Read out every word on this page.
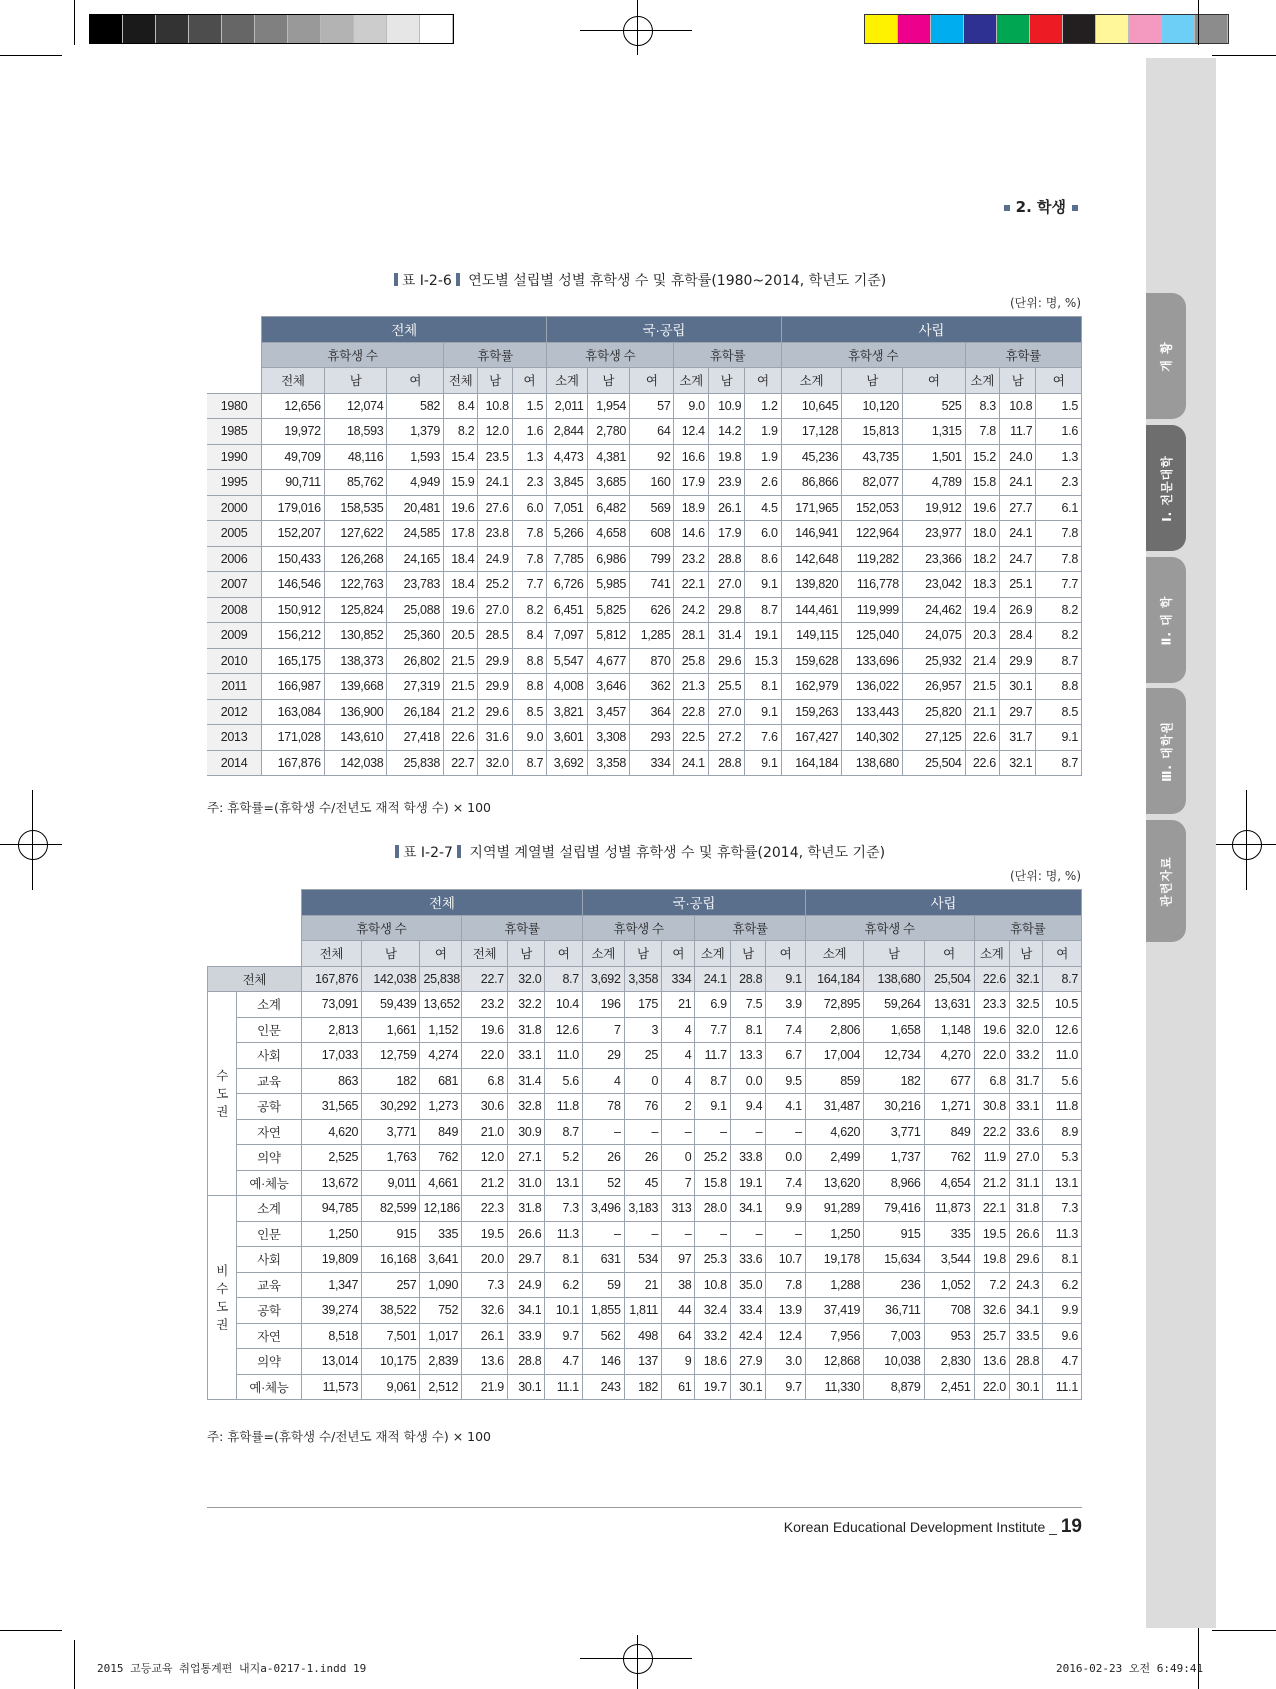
개 황
Ⅰ. 전문대학
Ⅱ. 대 학
Ⅲ. 대학원
관련자료
2. 학생
표 Ⅰ-2-6 연도별 설립별 성별 휴학생 수 및 휴학률(1980~2014, 학년도 기준)
(단위: 명, %)
	전체						국·공립						사립					
	휴학생 수			휴학률			휴학생 수			휴학률			휴학생 수			휴학률		
	전체	남	여	전체	남	여	소계	남	여	소계	남	여	소계	남	여	소계	남	여
1980	12,656	12,074	582	8.4	10.8	1.5	2,011	1,954	57	9.0	10.9	1.2	10,645	10,120	525	8.3	10.8	1.5
1985	19,972	18,593	1,379	8.2	12.0	1.6	2,844	2,780	64	12.4	14.2	1.9	17,128	15,813	1,315	7.8	11.7	1.6
1990	49,709	48,116	1,593	15.4	23.5	1.3	4,473	4,381	92	16.6	19.8	1.9	45,236	43,735	1,501	15.2	24.0	1.3
1995	90,711	85,762	4,949	15.9	24.1	2.3	3,845	3,685	160	17.9	23.9	2.6	86,866	82,077	4,789	15.8	24.1	2.3
2000	179,016	158,535	20,481	19.6	27.6	6.0	7,051	6,482	569	18.9	26.1	4.5	171,965	152,053	19,912	19.6	27.7	6.1
2005	152,207	127,622	24,585	17.8	23.8	7.8	5,266	4,658	608	14.6	17.9	6.0	146,941	122,964	23,977	18.0	24.1	7.8
2006	150,433	126,268	24,165	18.4	24.9	7.8	7,785	6,986	799	23.2	28.8	8.6	142,648	119,282	23,366	18.2	24.7	7.8
2007	146,546	122,763	23,783	18.4	25.2	7.7	6,726	5,985	741	22.1	27.0	9.1	139,820	116,778	23,042	18.3	25.1	7.7
2008	150,912	125,824	25,088	19.6	27.0	8.2	6,451	5,825	626	24.2	29.8	8.7	144,461	119,999	24,462	19.4	26.9	8.2
2009	156,212	130,852	25,360	20.5	28.5	8.4	7,097	5,812	1,285	28.1	31.4	19.1	149,115	125,040	24,075	20.3	28.4	8.2
2010	165,175	138,373	26,802	21.5	29.9	8.8	5,547	4,677	870	25.8	29.6	15.3	159,628	133,696	25,932	21.4	29.9	8.7
2011	166,987	139,668	27,319	21.5	29.9	8.8	4,008	3,646	362	21.3	25.5	8.1	162,979	136,022	26,957	21.5	30.1	8.8
2012	163,084	136,900	26,184	21.2	29.6	8.5	3,821	3,457	364	22.8	27.0	9.1	159,263	133,443	25,820	21.1	29.7	8.5
2013	171,028	143,610	27,418	22.6	31.6	9.0	3,601	3,308	293	22.5	27.2	7.6	167,427	140,302	27,125	22.6	31.7	9.1
2014	167,876	142,038	25,838	22.7	32.0	8.7	3,692	3,358	334	24.1	28.8	9.1	164,184	138,680	25,504	22.6	32.1	8.7
주: 휴학률=(휴학생 수/전년도 재적 학생 수) × 100
표 Ⅰ-2-7 지역별 계열별 설립별 성별 휴학생 수 및 휴학률(2014, 학년도 기준)
(단위: 명, %)
		전체						국·공립						사립					
		휴학생 수			휴학률			휴학생 수			휴학률			휴학생 수			휴학률		
		전체	남	여	전체	남	여	소계	남	여	소계	남	여	소계	남	여	소계	남	여
전체		167,876	142,038	25,838	22.7	32.0	8.7	3,692	3,358	334	24.1	28.8	9.1	164,184	138,680	25,504	22.6	32.1	8.7

수
도
권	소계	73,091	59,439	13,652	23.2	32.2	10.4	196	175	21	6.9	7.5	3.9	72,895	59,264	13,631	23.3	32.5	10.5
	인문	2,813	1,661	1,152	19.6	31.8	12.6	7	3	4	7.7	8.1	7.4	2,806	1,658	1,148	19.6	32.0	12.6
	사회	17,033	12,759	4,274	22.0	33.1	11.0	29	25	4	11.7	13.3	6.7	17,004	12,734	4,270	22.0	33.2	11.0
	교육	863	182	681	6.8	31.4	5.6	4	0	4	8.7	0.0	9.5	859	182	677	6.8	31.7	5.6
	공학	31,565	30,292	1,273	30.6	32.8	11.8	78	76	2	9.1	9.4	4.1	31,487	30,216	1,271	30.8	33.1	11.8
	자연	4,620	3,771	849	21.0	30.9	8.7	–	–	–	–	–	–	4,620	3,771	849	22.2	33.6	8.9
	의약	2,525	1,763	762	12.0	27.1	5.2	26	26	0	25.2	33.8	0.0	2,499	1,737	762	11.9	27.0	5.3
	예·체능	13,672	9,011	4,661	21.2	31.0	13.1	52	45	7	15.8	19.1	7.4	13,620	8,966	4,654	21.2	31.1	13.1

비
수
도
권	소계	94,785	82,599	12,186	22.3	31.8	7.3	3,496	3,183	313	28.0	34.1	9.9	91,289	79,416	11,873	22.1	31.8	7.3
	인문	1,250	915	335	19.5	26.6	11.3	–	–	–	–	–	–	1,250	915	335	19.5	26.6	11.3
	사회	19,809	16,168	3,641	20.0	29.7	8.1	631	534	97	25.3	33.6	10.7	19,178	15,634	3,544	19.8	29.6	8.1
	교육	1,347	257	1,090	7.3	24.9	6.2	59	21	38	10.8	35.0	7.8	1,288	236	1,052	7.2	24.3	6.2
	공학	39,274	38,522	752	32.6	34.1	10.1	1,855	1,811	44	32.4	33.4	13.9	37,419	36,711	708	32.6	34.1	9.9
	자연	8,518	7,501	1,017	26.1	33.9	9.7	562	498	64	33.2	42.4	12.4	7,956	7,003	953	25.7	33.5	9.6
	의약	13,014	10,175	2,839	13.6	28.8	4.7	146	137	9	18.6	27.9	3.0	12,868	10,038	2,830	13.6	28.8	4.7
	예·체능	11,573	9,061	2,512	21.9	30.1	11.1	243	182	61	19.7	30.1	9.7	11,330	8,879	2,451	22.0	30.1	11.1
주: 휴학률=(휴학생 수/전년도 재적 학생 수) × 100
Korean Educational Development Institute _ 19
2015 고등교육 취업통계편 내지a-0217-1.indd 19	2016-02-23 오전 6:49:41
